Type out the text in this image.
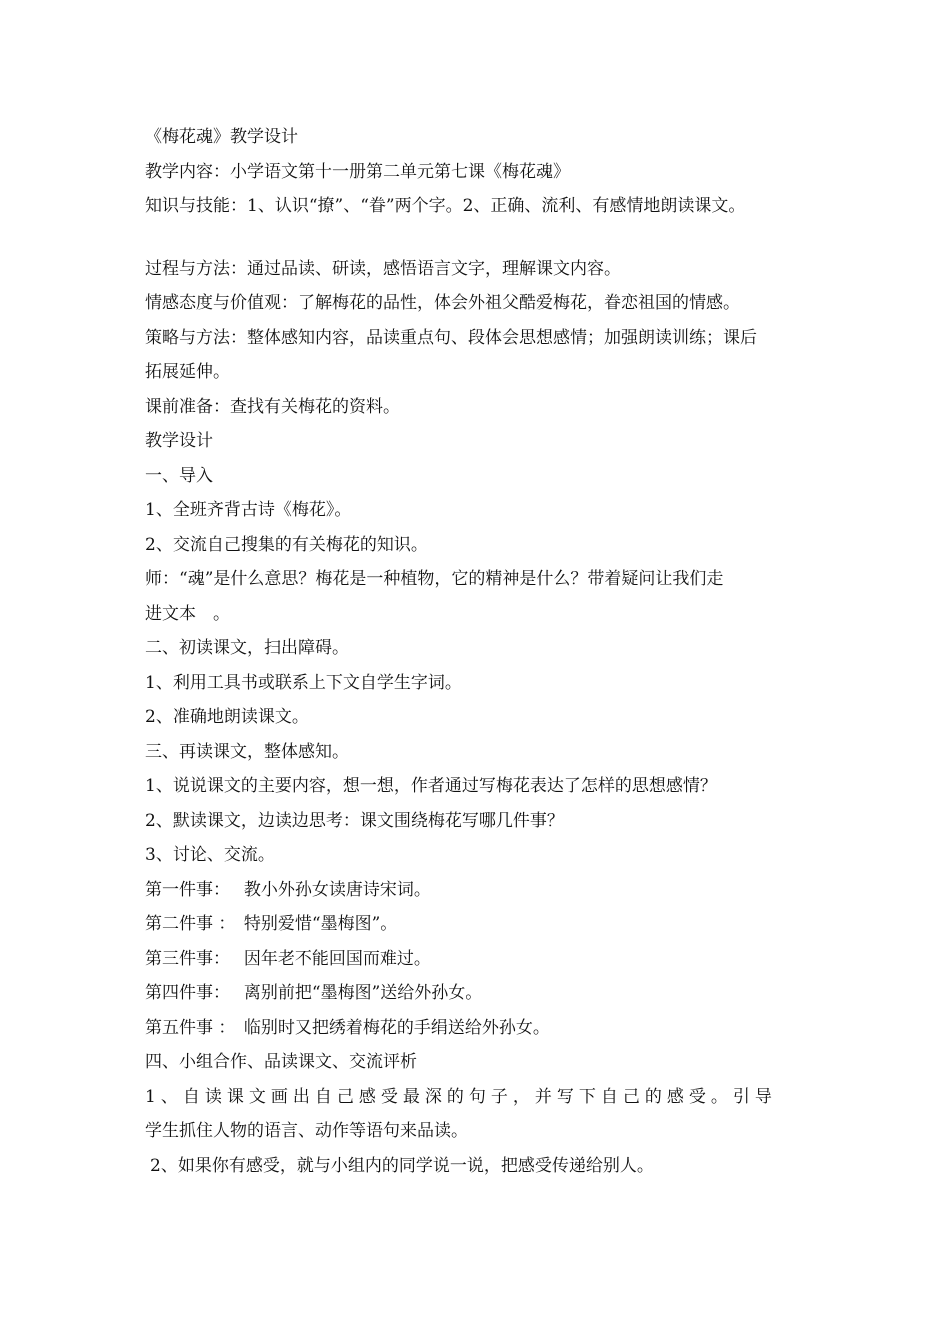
《梅花魂》教学设计
教学内容：小学语文第十一册第二单元第七课《梅花魂》
知识与技能：1、认识“撩”、“眷”两个字。2、正确、流利、有感情地朗读课文。
过程与方法：通过品读、研读，感悟语言文字，理解课文内容。
情感态度与价值观：了解梅花的品性，体会外祖父酷爱梅花，眷恋祖国的情感。
策略与方法：整体感知内容，品读重点句、段体会思想感情；加强朗读训练；课后
拓展延伸。
课前准备：查找有关梅花的资料。
教学设计
一、导入
1、全班齐背古诗《梅花》。
2、交流自己搜集的有关梅花的知识。
师：“魂”是什么意思？梅花是一种植物，它的精神是什么？带着疑问让我们走
进文本　。
二、初读课文，扫出障碍。
1、利用工具书或联系上下文自学生字词。
2、准确地朗读课文。
三、再读课文，整体感知。
1、说说课文的主要内容，想一想，作者通过写梅花表达了怎样的思想感情？
2、默读课文，边读边思考：课文围绕梅花写哪几件事？
3、讨论、交流。
第一件事：　 教小外孙女读唐诗宋词。
第二件事 ：　特别爱惜“墨梅图”。
第三件事：　 因年老不能回国而难过。
第四件事：　 离别前把“墨梅图”送给外孙女。
第五件事 ：　临别时又把绣着梅花的手绢送给外孙女。
四、小组合作、品读课文、交流评析
1、自读课文画出自己感受最深的句子，并写下自己的感受。引导
学生抓住人物的语言、动作等语句来品读。
2、如果你有感受，就与小组内的同学说一说，把感受传递给别人。
